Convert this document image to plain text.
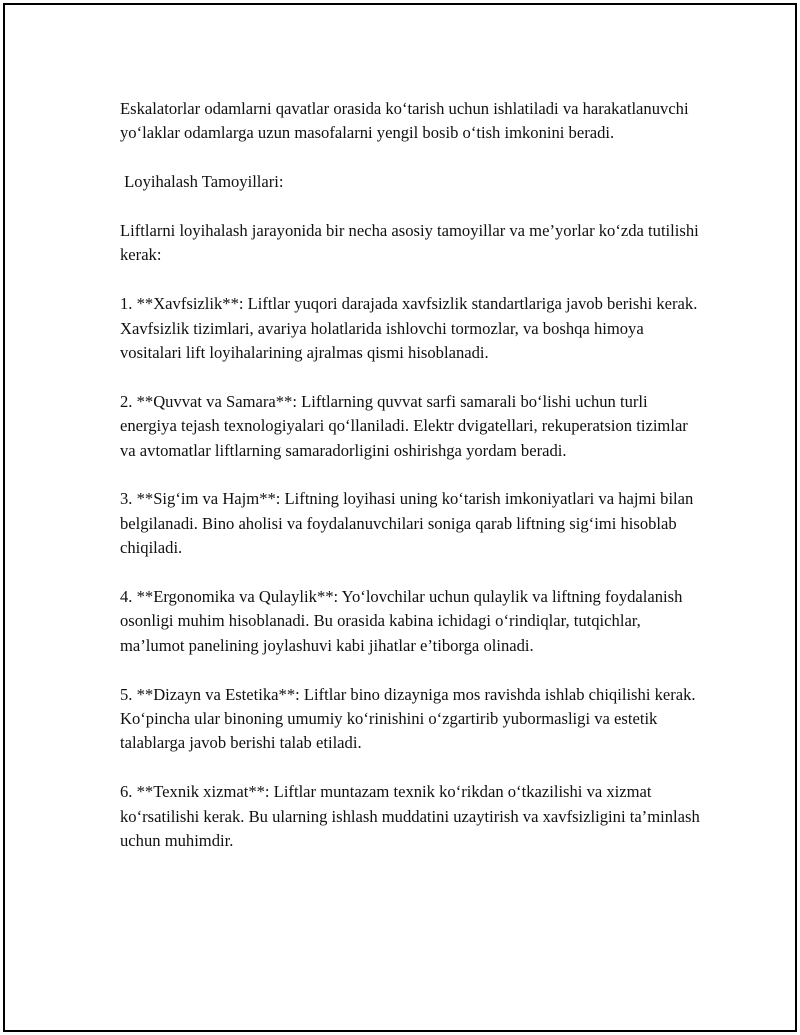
Eskalatorlar odamlarni qavatlar orasida ko‘tarish uchun ishlatiladi va harakatlanuvchi yo‘laklar odamlarga uzun masofalarni yengil bosib o‘tish imkonini beradi.

Loyihalash Tamoyillari:

Liftlarni loyihalash jarayonida bir necha asosiy tamoyillar va me’yorlar ko‘zda tutilishi kerak:

1. **Xavfsizlik**: Liftlar yuqori darajada xavfsizlik standartlariga javob berishi kerak. Xavfsizlik tizimlari, avariya holatlarida ishlovchi tormozlar, va boshqa himoya vositalari lift loyihalarining ajralmas qismi hisoblanadi.

2. **Quvvat va Samara**: Liftlarning quvvat sarfi samarali bo‘lishi uchun turli energiya tejash texnologiyalari qo‘llaniladi. Elektr dvigatellari, rekuperatsion tizimlar va avtomatlar liftlarning samaradorligini oshirishga yordam beradi.

3. **Sig‘im va Hajm**: Liftning loyihasi uning ko‘tarish imkoniyatlari va hajmi bilan belgilanadi. Bino aholisi va foydalanuvchilari soniga qarab liftning sig‘imi hisoblab chiqiladi.

4. **Ergonomika va Qulaylik**: Yo‘lovchilar uchun qulaylik va liftning foydalanish osonligi muhim hisoblanadi. Bu orasida kabina ichidagi o‘rindiqlar, tutqichlar, ma’lumot panelining joylashuvi kabi jihatlar e’tiborga olinadi.

5. **Dizayn va Estetika**: Liftlar bino dizayniga mos ravishda ishlab chiqilishi kerak. Ko‘pincha ular binoning umumiy ko‘rinishini o‘zgartirib yubormasligi va estetik talablarga javob berishi talab etiladi.

6. **Texnik xizmat**: Liftlar muntazam texnik ko‘rikdan o‘tkazilishi va xizmat ko‘rsatilishi kerak. Bu ularning ishlash muddatini uzaytirish va xavfsizligini ta’minlash uchun muhimdir.
